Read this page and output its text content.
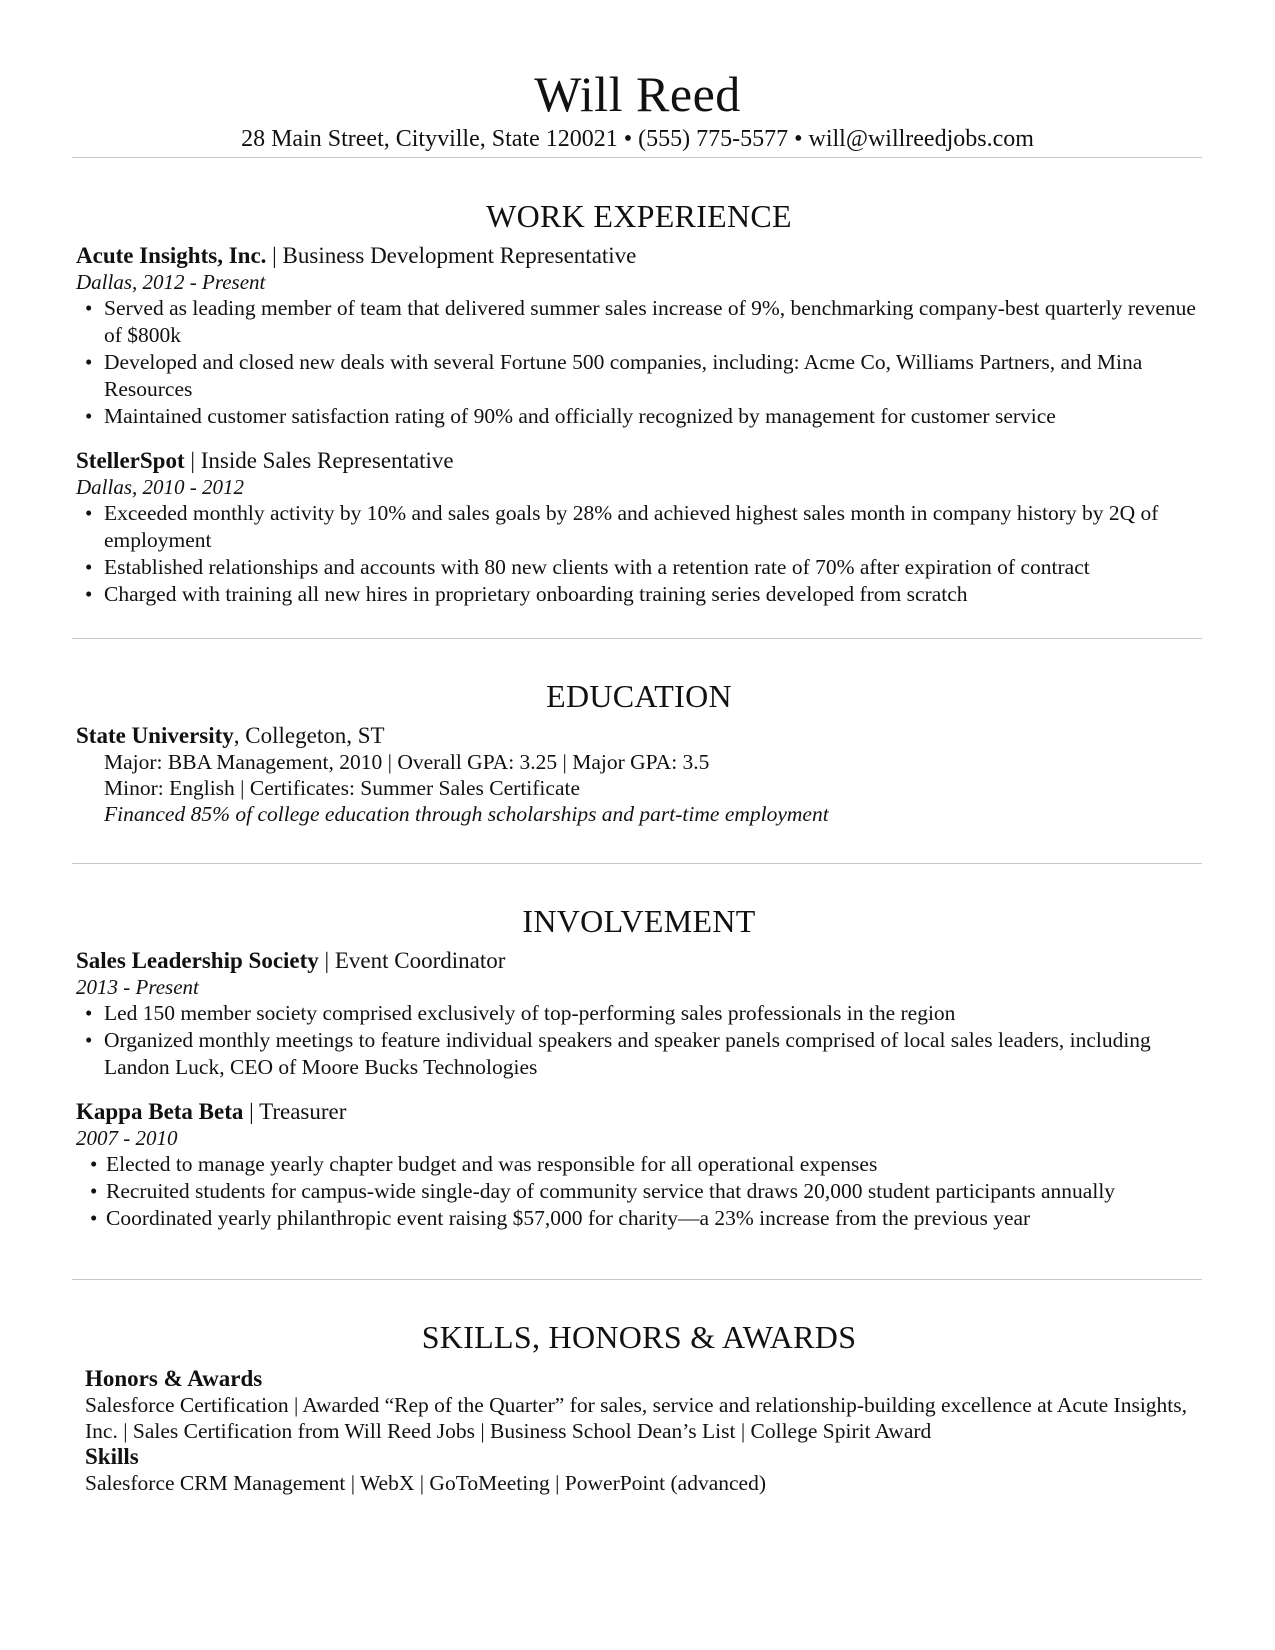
Will Reed
28 Main Street, Cityville, State 120021 • (555) 775-5577 • will@willreedjobs.com
WORK EXPERIENCE
Acute Insights, Inc. | Business Development Representative
Dallas, 2012 - Present
• Served as leading member of team that delivered summer sales increase of 9%, benchmarking company-best quarterly revenue of $800k
• Developed and closed new deals with several Fortune 500 companies, including: Acme Co, Williams Partners, and Mina Resources
• Maintained customer satisfaction rating of 90% and officially recognized by management for customer service
StellerSpot | Inside Sales Representative
Dallas, 2010 - 2012
• Exceeded monthly activity by 10% and sales goals by 28% and achieved highest sales month in company history by 2Q of employment
• Established relationships and accounts with 80 new clients with a retention rate of 70% after expiration of contract
• Charged with training all new hires in proprietary onboarding training series developed from scratch
EDUCATION
State University, Collegeton, ST
Major: BBA Management, 2010 | Overall GPA: 3.25 | Major GPA: 3.5
Minor: English | Certificates: Summer Sales Certificate
Financed 85% of college education through scholarships and part-time employment
INVOLVEMENT
Sales Leadership Society | Event Coordinator
2013 - Present
• Led 150 member society comprised exclusively of top-performing sales professionals in the region
• Organized monthly meetings to feature individual speakers and speaker panels comprised of local sales leaders, including Landon Luck, CEO of Moore Bucks Technologies
Kappa Beta Beta | Treasurer
2007 - 2010
• Elected to manage yearly chapter budget and was responsible for all operational expenses
• Recruited students for campus-wide single-day of community service that draws 20,000 student participants annually
• Coordinated yearly philanthropic event raising $57,000 for charity—a 23% increase from the previous year
SKILLS, HONORS & AWARDS
Honors & Awards
Salesforce Certification | Awarded “Rep of the Quarter” for sales, service and relationship-building excellence at Acute Insights, Inc. | Sales Certification from Will Reed Jobs | Business School Dean’s List | College Spirit Award
Skills
Salesforce CRM Management | WebX | GoToMeeting | PowerPoint (advanced)
